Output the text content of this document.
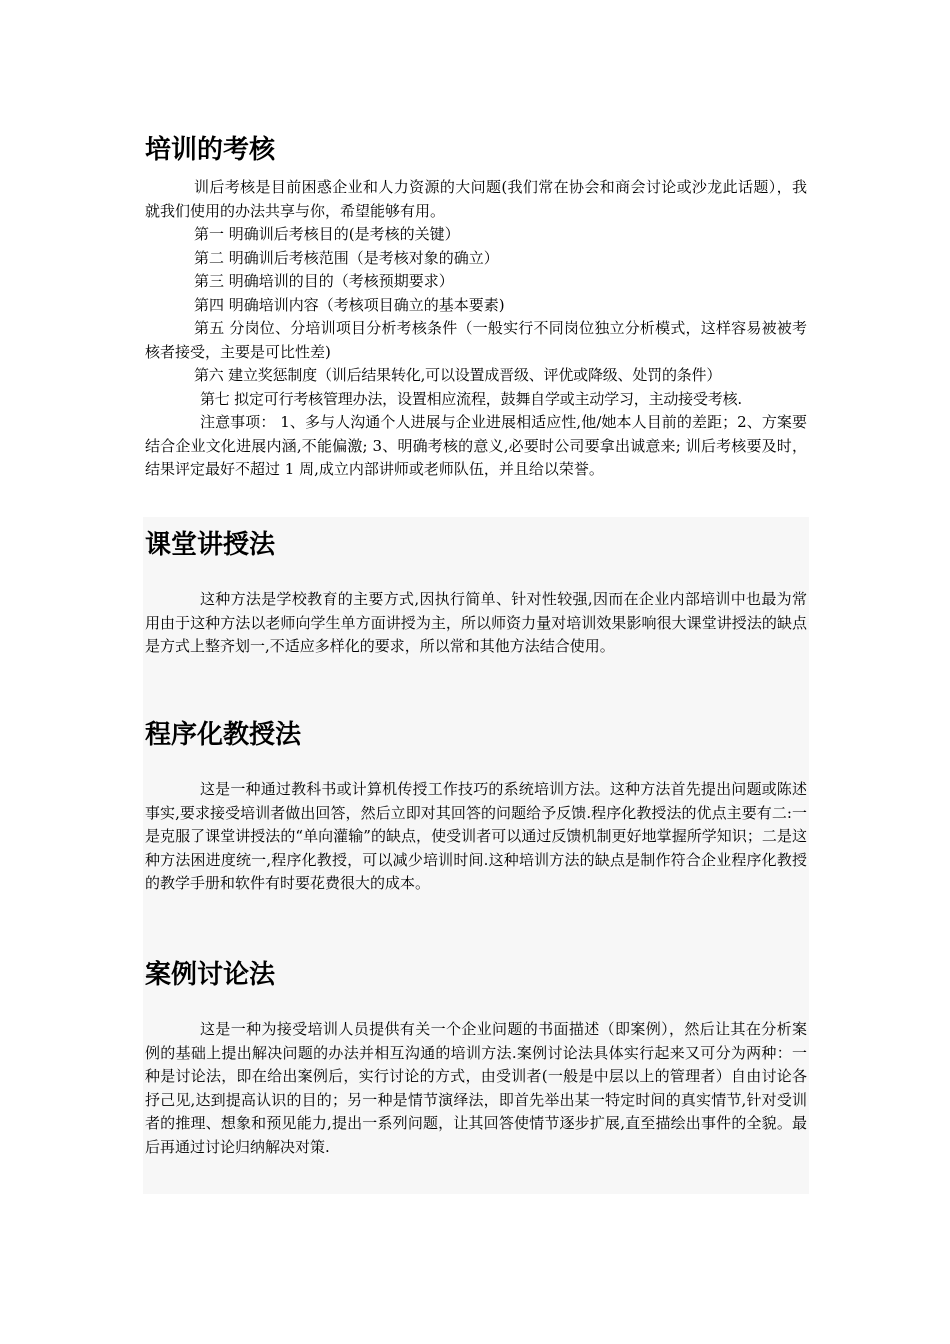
培训的考核

训后考核是目前困惑企业和人力资源的大问题(我们常在协会和商会讨论或沙龙此话题），我就我们使用的办法共享与你，希望能够有用。

第一 明确训后考核目的(是考核的关键）

第二 明确训后考核范围（是考核对象的确立）

第三 明确培训的目的（考核预期要求）

第四 明确培训内容（考核项目确立的基本要素)

第五 分岗位、分培训项目分析考核条件（一般实行不同岗位独立分析模式，这样容易被被考核者接受，主要是可比性差)

第六 建立奖惩制度（训后结果转化,可以设置成晋级、评优或降级、处罚的条件）

第七 拟定可行考核管理办法，设置相应流程，鼓舞自学或主动学习，主动接受考核.

注意事项： 1、多与人沟通个人进展与企业进展相适应性,他/她本人目前的差距；2、方案要结合企业文化进展内涵,不能偏激; 3、明确考核的意义,必要时公司要拿出诚意来; 训后考核要及时，结果评定最好不超过 1 周,成立内部讲师或老师队伍，并且给以荣誉。

课堂讲授法

这种方法是学校教育的主要方式,因执行简单、针对性较强,因而在企业内部培训中也最为常用由于这种方法以老师向学生单方面讲授为主，所以师资力量对培训效果影响很大课堂讲授法的缺点是方式上整齐划一,不适应多样化的要求，所以常和其他方法结合使用。

程序化教授法

这是一种通过教科书或计算机传授工作技巧的系统培训方法。这种方法首先提出问题或陈述事实,要求接受培训者做出回答，然后立即对其回答的问题给予反馈.程序化教授法的优点主要有二:一是克服了课堂讲授法的“单向灌输”的缺点，使受训者可以通过反馈机制更好地掌握所学知识；二是这种方法困进度统一,程序化教授，可以减少培训时间.这种培训方法的缺点是制作符合企业程序化教授的教学手册和软件有时要花费很大的成本。

案例讨论法

这是一种为接受培训人员提供有关一个企业问题的书面描述（即案例），然后让其在分析案例的基础上提出解决问题的办法并相互沟通的培训方法.案例讨论法具体实行起来又可分为两种：一种是讨论法，即在给出案例后，实行讨论的方式，由受训者(一般是中层以上的管理者）自由讨论各抒己见,达到提高认识的目的；另一种是情节演绎法，即首先举出某一特定时间的真实情节,针对受训者的推理、想象和预见能力,提出一系列问题，让其回答使情节逐步扩展,直至描绘出事件的全貌。最后再通过讨论归纳解决对策.
